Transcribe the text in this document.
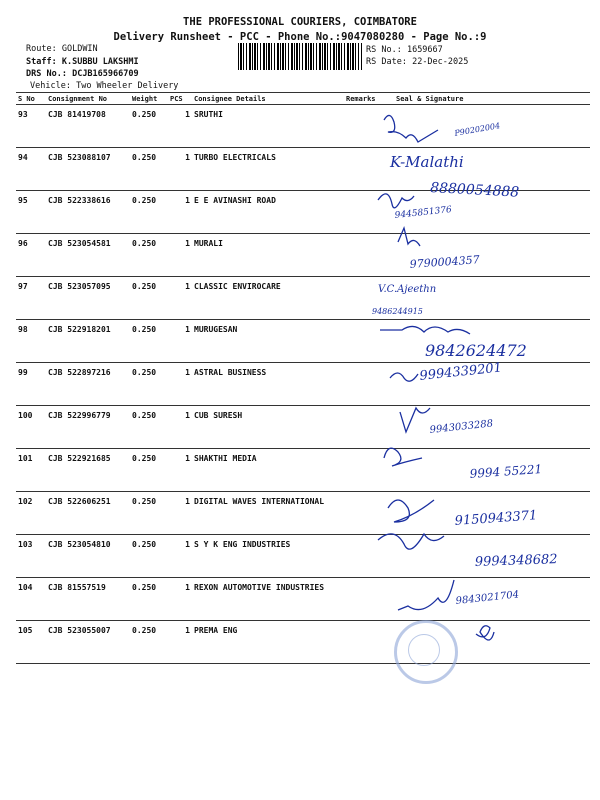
THE PROFESSIONAL COURIERS, COIMBATORE
Delivery Runsheet - PCC - Phone No.:9047080280 - Page No.:9
Route: GOLDWIN
Staff: K.SUBBU LAKSHMI
DRS No.: DCJB165966709
Vehicle: Two Wheeler Delivery
RS No.: 1659667
RS Date: 22-Dec-2025
S No	Consignment No	Weight	PCS	Consignee Details	Remarks	Seal & Signature
93	CJB 81419708	0.250	1	SRUTHI		
94	CJB 523088107	0.250	1	TURBO ELECTRICALS		
95	CJB 522338616	0.250	1	E E AVINASHI ROAD		
96	CJB 523054581	0.250	1	MURALI		
97	CJB 523057095	0.250	1	CLASSIC ENVIROCARE		
98	CJB 522918201	0.250	1	MURUGESAN		
99	CJB 522897216	0.250	1	ASTRAL BUSINESS		
100	CJB 522996779	0.250	1	CUB SURESH		
101	CJB 522921685	0.250	1	SHAKTHI MEDIA		
102	CJB 522606251	0.250	1	DIGITAL WAVES INTERNATIONAL		
103	CJB 523054810	0.250	1	S Y K ENG INDUSTRIES		
104	CJB 81557519	0.250	1	REXON AUTOMOTIVE INDUSTRIES		
105	CJB 523055007	0.250	1	PREMA ENG		
P90202004
K-Malathi
8880054888
9445851376
9790004357
V.C.Ajeethn
9486244915
9842624472
9994339201
9943033288
9994 55221
9150943371
9994348682
9843021704
